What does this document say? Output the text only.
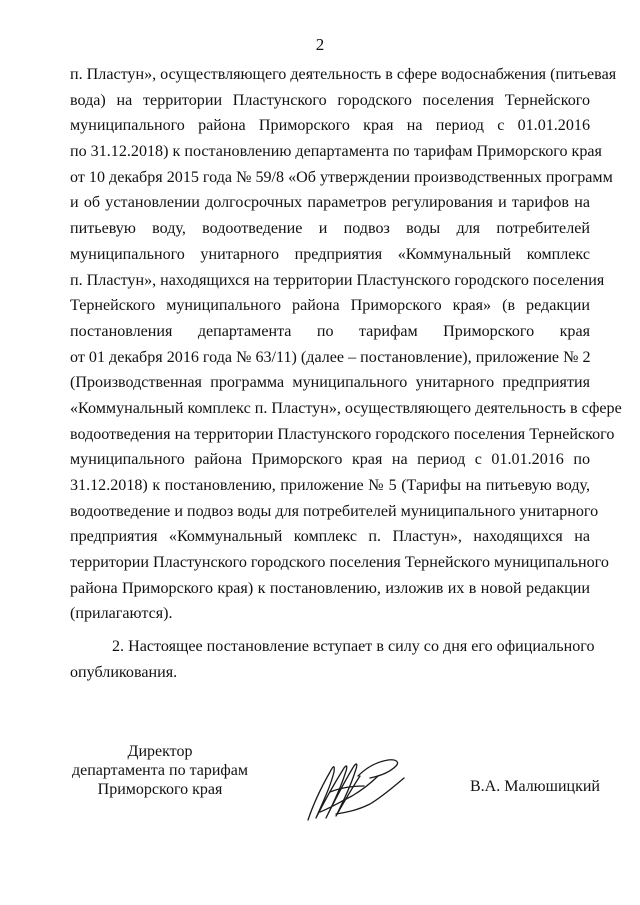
2
п. Пластун», осуществляющего деятельность в сфере водоснабжения (питьевая
вода) на территории Пластунского городского поселения Тернейского
муниципального района Приморского края на период с 01.01.2016
по 31.12.2018) к постановлению департамента по тарифам Приморского края
от 10 декабря 2015 года № 59/8 «Об утверждении производственных программ
и об установлении долгосрочных параметров регулирования и тарифов на
питьевую воду, водоотведение и подвоз воды для потребителей
муниципального унитарного предприятия «Коммунальный комплекс
п. Пластун», находящихся на территории Пластунского городского поселения
Тернейского муниципального района Приморского края» (в редакции
постановления департамента по тарифам Приморского края
от 01 декабря 2016 года № 63/11) (далее – постановление), приложение № 2
(Производственная программа муниципального унитарного предприятия
«Коммунальный комплекс п. Пластун», осуществляющего деятельность в сфере
водоотведения на территории Пластунского городского поселения Тернейского
муниципального района Приморского края на период с 01.01.2016 по
31.12.2018) к постановлению, приложение № 5 (Тарифы на питьевую воду,
водоотведение и подвоз воды для потребителей муниципального унитарного
предприятия «Коммунальный комплекс п. Пластун», находящихся на
территории Пластунского городского поселения Тернейского муниципального
района Приморского края) к постановлению, изложив их в новой редакции
(прилагаются).
2. Настоящее постановление вступает в силу со дня его официального
опубликования.
Директор
департамента по тарифам
Приморского края	В.А. Малюшицкий
